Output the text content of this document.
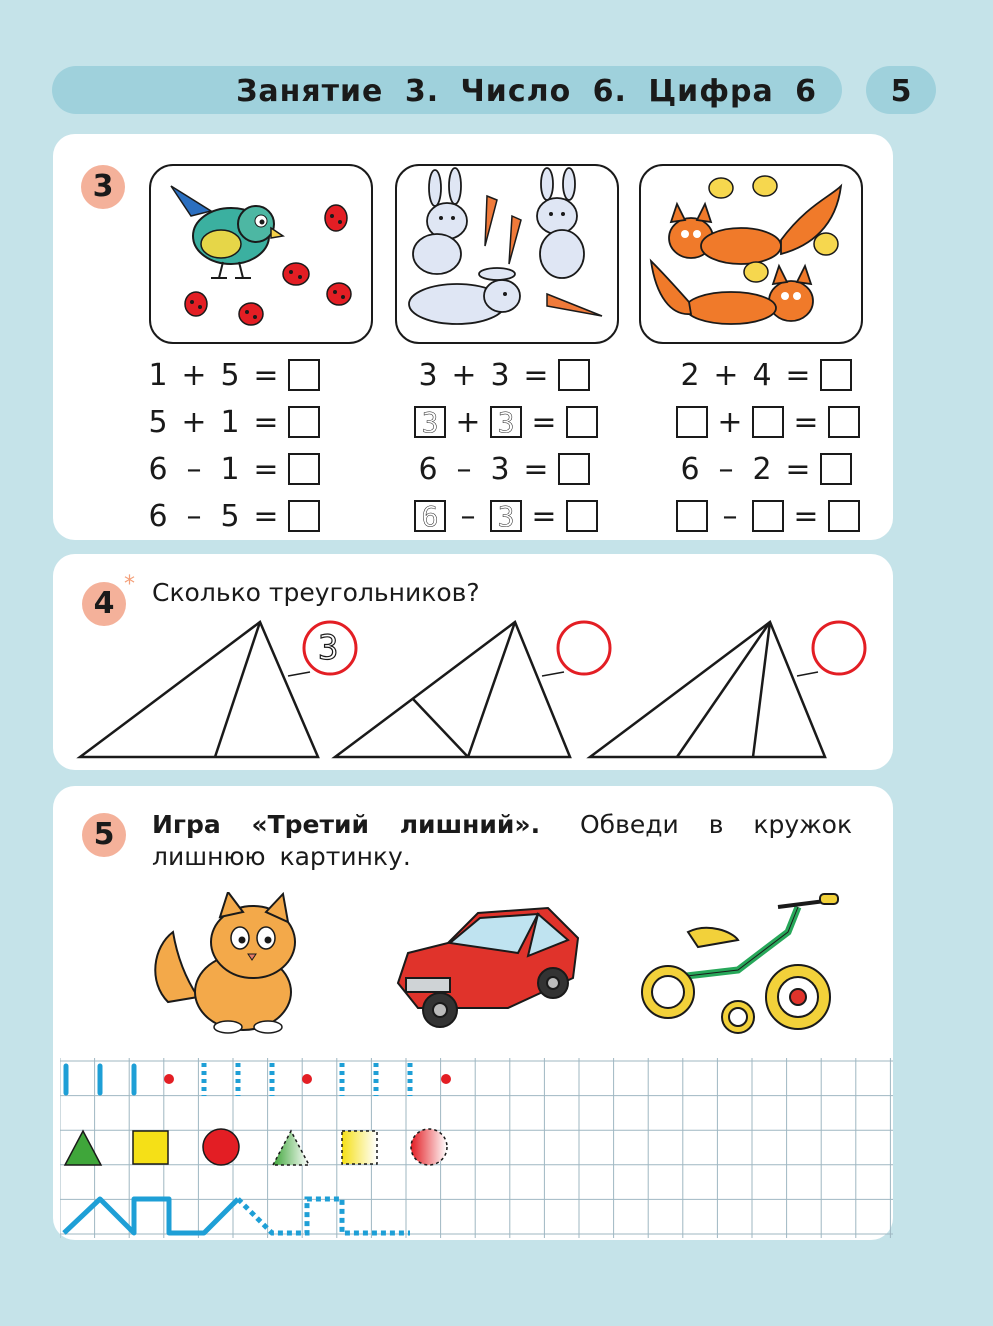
Занятие 3. Число 6. Цифра 6	5
3
1 + 5 =
5 + 1 =
6 – 1 =
6 – 5 =
3 + 3 =
3 + 3 =
6 – 3 =
6 – 3 =
2 + 4 =
+ =
6 – 2 =
–	=
4
* Сколько треугольников?
3
5	Игра «Третий лишний». Обведи в кружок
лишнюю картинку.
